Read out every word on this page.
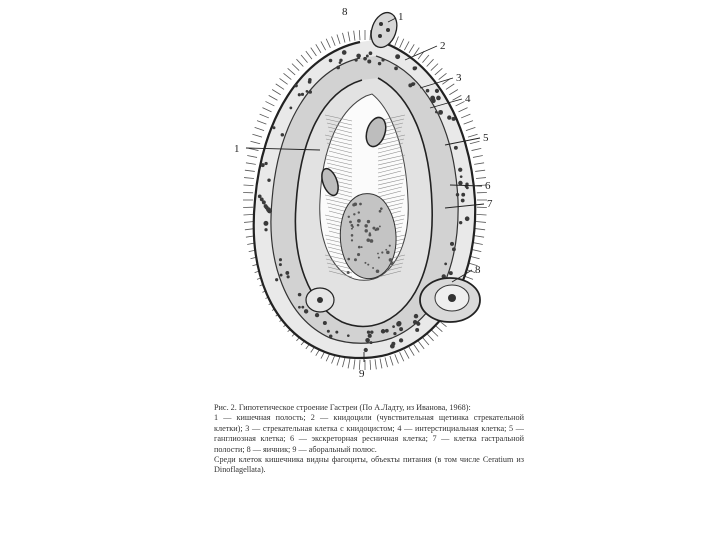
8
1
1
2
3
4
5
6
7
8
9

Рис. 2. Гипотетическое строение Гастреи (По А.Ладту, из Иванова, 1968):

1 — кишечная полость; 2 — книдоцили (чувствительная щетинка стрекательной клетки); 3 — стрекательная клетка с книдоцистом; 4 — интерстициальная клетка; 5 — ганглиозная клетка; 6 — экскреторная ресничная клетка; 7 — клетка гастральной полости; 8 — яичник; 9 — аборальный полюс.

Среди клеток кишечника видны фагоциты, объекты питания (в том числе Ceratium из Dinoflagellata).
